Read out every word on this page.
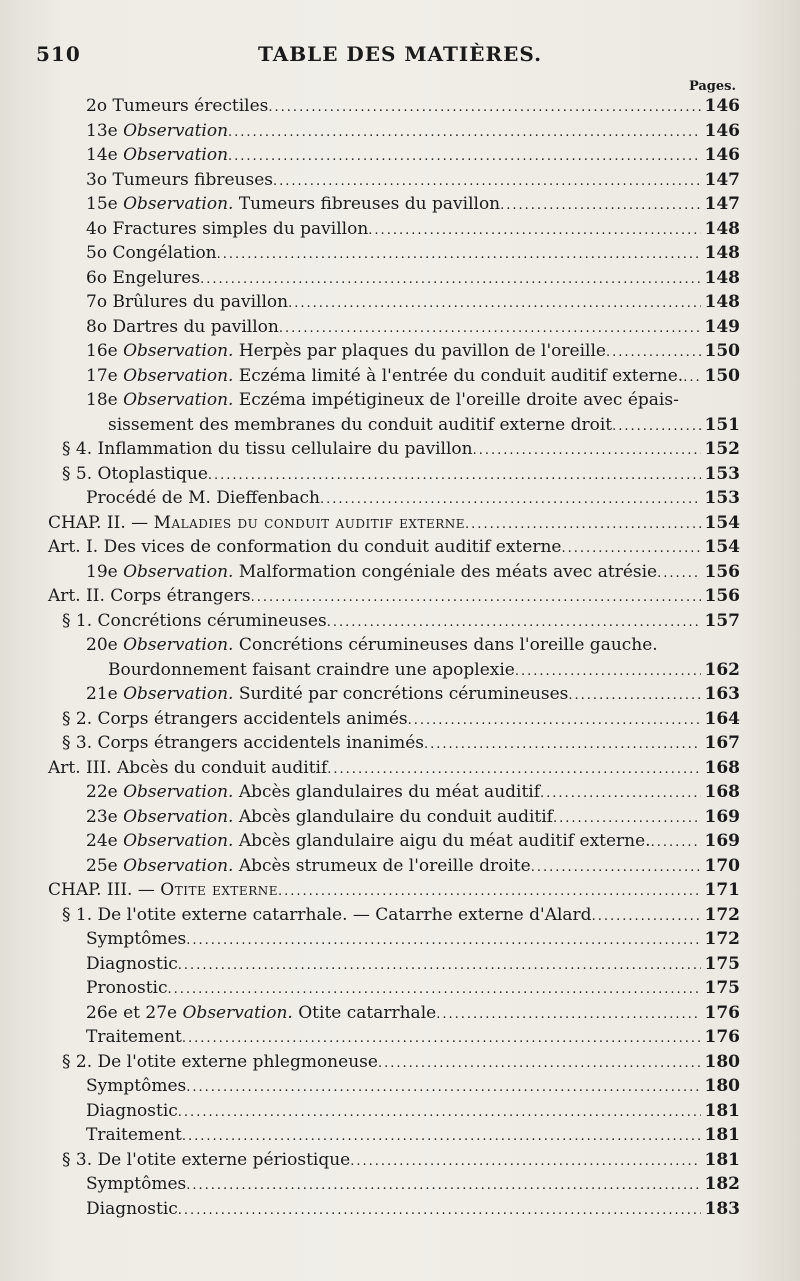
510	TABLE DES MATIÈRES.
Pages.
2o Tumeurs érectiles .....	146
13e Observation .....	146
14e Observation .....	146
3o Tumeurs fibreuses .....	147
15e Observation. Tumeurs fibreuses du pavillon .....	147
4o Fractures simples du pavillon .....	148
5o Congélation .....	148
6o Engelures .....	148
7o Brûlures du pavillon .....	148
8o Dartres du pavillon .....	149
16e Observation. Herpès par plaques du pavillon de l'oreille .....	150
17e Observation. Eczéma limité à l'entrée du conduit auditif externe. ..... 150
18e Observation. Eczéma impétigineux de l'oreille droite avec épais-
sissement des membranes du conduit auditif externe droit .....	151
§ 4. Inflammation du tissu cellulaire du pavillon .....	152
§ 5. Otoplastique .....	153
Procédé de M. Dieffenbach .....	153
CHAP. II. — Maladies du conduit auditif externe .....	154
Art. I. Des vices de conformation du conduit auditif externe .....	154
19e Observation. Malformation congéniale des méats avec atrésie .....	156
Art. II. Corps étrangers .....	156
§ 1. Concrétions cérumineuses .....	157
20e Observation. Concrétions cérumineuses dans l'oreille gauche.
Bourdonnement faisant craindre une apoplexie .....	162
21e Observation. Surdité par concrétions cérumineuses .....	163
§ 2. Corps étrangers accidentels animés .....	164
§ 3. Corps étrangers accidentels inanimés .....	167
Art. III. Abcès du conduit auditif .....	168
22e Observation. Abcès glandulaires du méat auditif .....	168
23e Observation. Abcès glandulaire du conduit auditif .....	169
24e Observation. Abcès glandulaire aigu du méat auditif externe. .....	169
25e Observation. Abcès strumeux de l'oreille droite .....	170
CHAP. III. — Otite externe .....	171
§ 1. De l'otite externe catarrhale. — Catarrhe externe d'Alard .....	172
Symptômes .....	172
Diagnostic .....	175
Pronostic .....	175
26e et 27e Observation. Otite catarrhale .....	176
Traitement .....	176
§ 2. De l'otite externe phlegmoneuse .....	180
Symptômes .....	180
Diagnostic .....	181
Traitement .....	181
§ 3. De l'otite externe périostique .....	181
Symptômes .....	182
Diagnostic .....	183
